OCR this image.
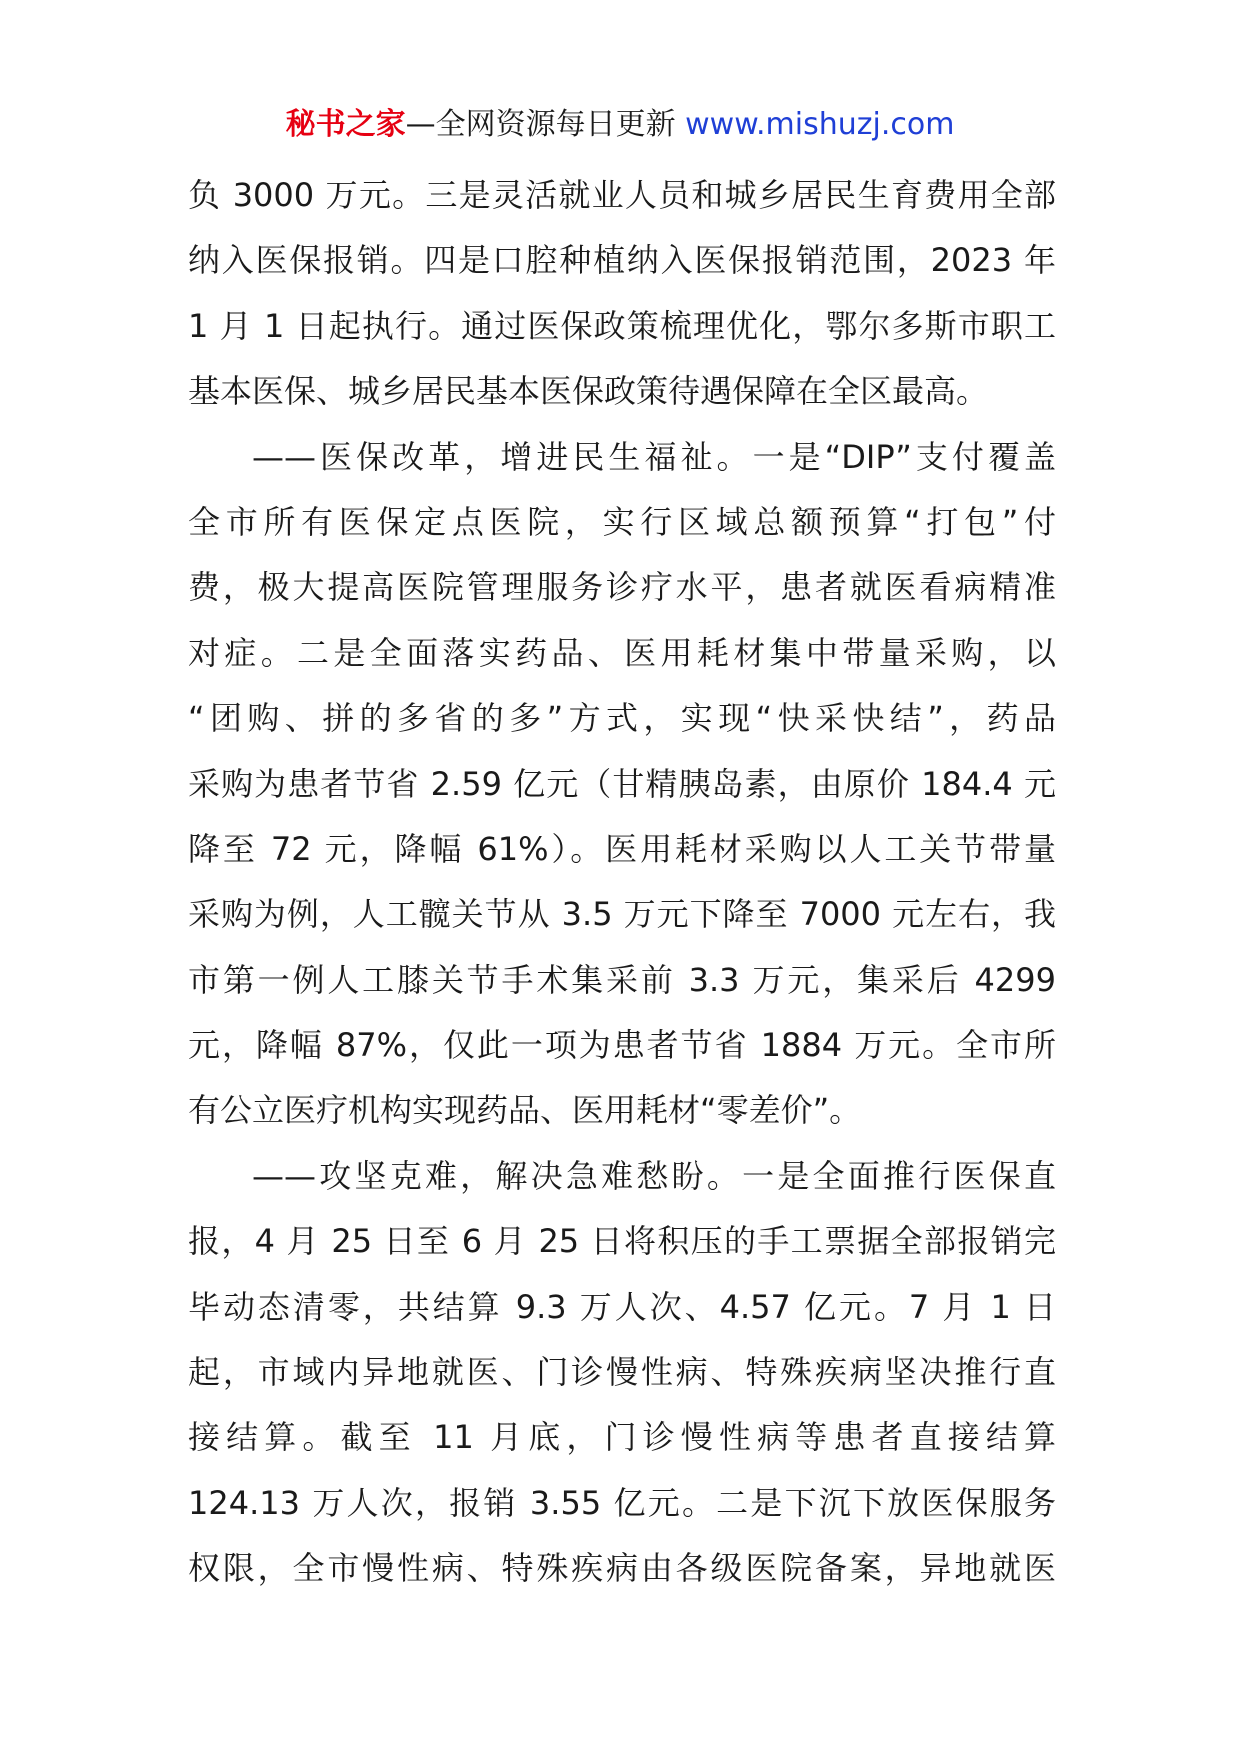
秘书之家—全网资源每日更新 www.mishuzj.com
负 3000 万元。三是灵活就业人员和城乡居民生育费用全部
纳入医保报销。四是口腔种植纳入医保报销范围，2023 年
1 月 1 日起执行。通过医保政策梳理优化，鄂尔多斯市职工
基本医保、城乡居民基本医保政策待遇保障在全区最高。
——医保改革，增进民生福祉。一是“DIP”支付覆盖
全市所有医保定点医院，实行区域总额预算“打包”付
费，极大提高医院管理服务诊疗水平，患者就医看病精准
对症。二是全面落实药品、医用耗材集中带量采购，以
“团购、拼的多省的多”方式，实现“快采快结”，药品
采购为患者节省 2.59 亿元（甘精胰岛素，由原价 184.4 元
降至 72 元，降幅 61%）。医用耗材采购以人工关节带量
采购为例，人工髋关节从 3.5 万元下降至 7000 元左右，我
市第一例人工膝关节手术集采前 3.3 万元，集采后 4299
元，降幅 87%，仅此一项为患者节省 1884 万元。全市所
有公立医疗机构实现药品、医用耗材“零差价”。
——攻坚克难，解决急难愁盼。一是全面推行医保直
报，4 月 25 日至 6 月 25 日将积压的手工票据全部报销完
毕动态清零，共结算 9.3 万人次、4.57 亿元。7 月 1 日
起，市域内异地就医、门诊慢性病、特殊疾病坚决推行直
接结算。截至 11 月底，门诊慢性病等患者直接结算
124.13 万人次，报销 3.55 亿元。二是下沉下放医保服务
权限，全市慢性病、特殊疾病由各级医院备案，异地就医
